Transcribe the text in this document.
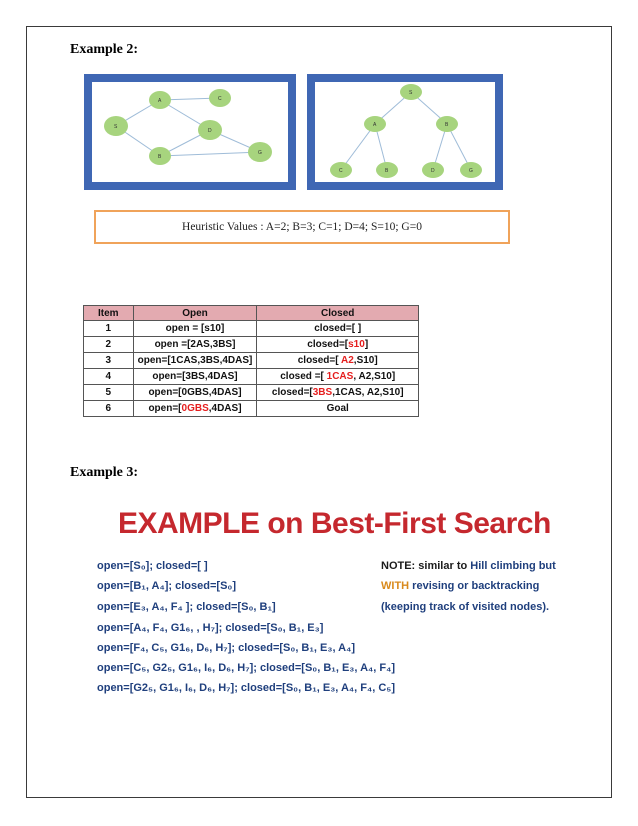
Example 2:
A	C
S
D
B
G
S
A	B
C	B	D	G
Heuristic Values : A=2; B=3; C=1; D=4; S=10; G=0
Item	Open	Closed
1	open = [s10]	closed=[ ]
2	open =[2AS,3BS]	closed=[s10]
3	open=[1CAS,3BS,4DAS]	closed=[ A2,S10]
4	open=[3BS,4DAS]	closed =[ 1CAS, A2,S10]
5	open=[0GBS,4DAS]	closed=[3BS,1CAS, A2,S10]
6	open=[0GBS,4DAS]	Goal
Example 3:
EXAMPLE on Best-First Search
open=[S₀]; closed=[ ]
open=[B₁, A₄]; closed=[S₀]
open=[E₃, A₄, F₄ ]; closed=[S₀, B₁]
open=[A₄, F₄, G1₆, , H₇]; closed=[S₀, B₁, E₃]
open=[F₄, C₅, G1₆, D₆, H₇]; closed=[S₀, B₁, E₃, A₄]
open=[C₅, G2₅, G1₆, I₆, D₆, H₇]; closed=[S₀, B₁, E₃, A₄, F₄]
open=[G2₅, G1₆, I₆, D₆, H₇]; closed=[S₀, B₁, E₃, A₄, F₄, C₅]
NOTE: similar to Hill climbing but
WITH revising or backtracking
(keeping track of visited nodes).
